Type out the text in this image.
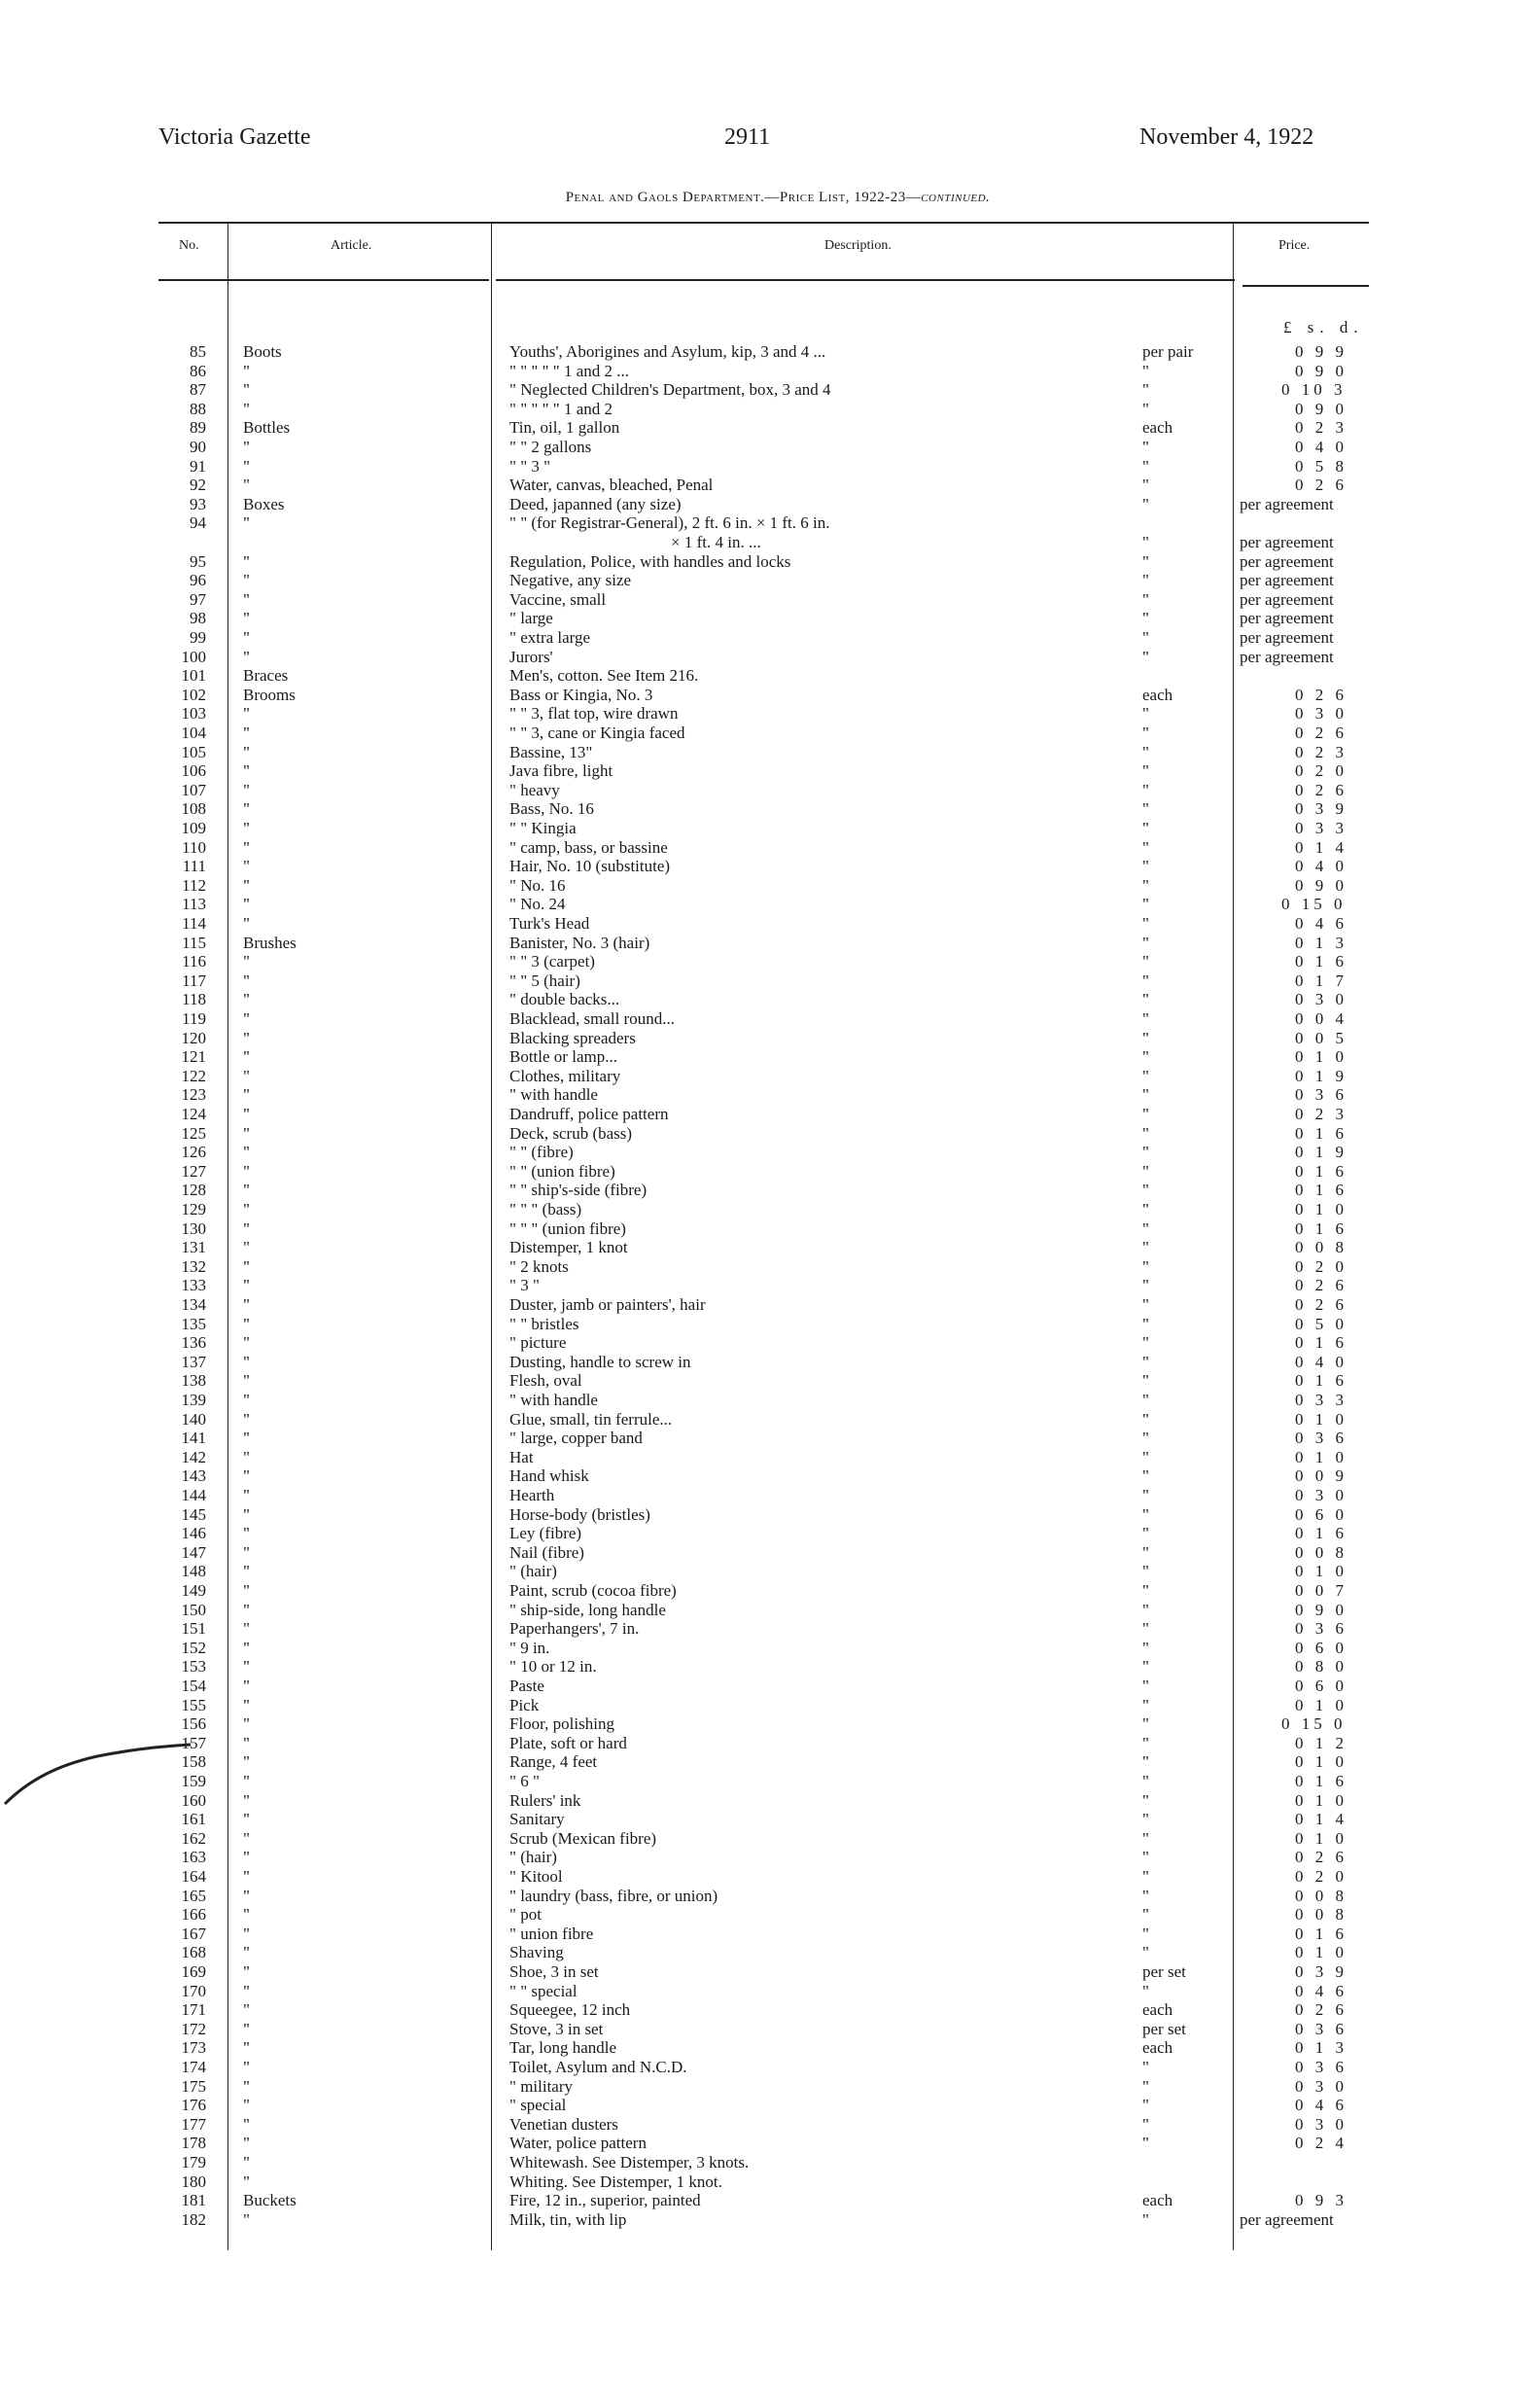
Victoria Gazette	2911	November 4, 1922
Penal and Gaols Department.—Price List, 1922-23—continued.
No.	Article.	Description.	Price.
£ s. d.
85 Boots	Youths', Aborigines and Asylum, kip, 3 and 4 ...	per pair	0 9 9
86 "	" " " " " 1 and 2 ...	"	0 9 0
87 "	" Neglected Children's Department, box, 3 and 4	"	0 10 3
88 "	" " " " " 1 and 2	"	0 9 0
89 Bottles	Tin, oil, 1 gallon	each	0 2 3
90 "	" " 2 gallons	"	0 4 0
91 "	" " 3 "	"	0 5 8
92 "	Water, canvas, bleached, Penal	"	0 2 6
93 Boxes	Deed, japanned (any size)	"	per agreement
94 "	" " (for Registrar-General), 2 ft. 6 in. × 1 ft. 6 in.
× 1 ft. 4 in. ...	"	per agreement
95 "	Regulation, Police, with handles and locks	"	per agreement
96 "	Negative, any size	"	per agreement
97 "	Vaccine, small	"	per agreement
98 "	" large	"	per agreement
99 "	" extra large	"	per agreement
100 "	Jurors'	"	per agreement
101 Braces	Men's, cotton. See Item 216.
102 Brooms	Bass or Kingia, No. 3	each	0 2 6
103 "	" " 3, flat top, wire drawn	"	0 3 0
104 "	" " 3, cane or Kingia faced	"	0 2 6
105 "	Bassine, 13"	"	0 2 3
106 "	Java fibre, light	"	0 2 0
107 "	" heavy	"	0 2 6
108 "	Bass, No. 16	"	0 3 9
109 "	" " Kingia	"	0 3 3
110 "	" camp, bass, or bassine	"	0 1 4
111 "	Hair, No. 10 (substitute)	"	0 4 0
112 "	" No. 16	"	0 9 0
113 "	" No. 24	"	0 15 0
114 "	Turk's Head	"	0 4 6
115 Brushes	Banister, No. 3 (hair)	"	0 1 3
116 "	" " 3 (carpet)	"	0 1 6
117 "	" " 5 (hair)	"	0 1 7
118 "	" double backs...	"	0 3 0
119 "	Blacklead, small round...	"	0 0 4
120 "	Blacking spreaders	"	0 0 5
121 "	Bottle or lamp...	"	0 1 0
122 "	Clothes, military	"	0 1 9
123 "	" with handle	"	0 3 6
124 "	Dandruff, police pattern	"	0 2 3
125 "	Deck, scrub (bass)	"	0 1 6
126 "	" " (fibre)	"	0 1 9
127 "	" " (union fibre)	"	0 1 6
128 "	" " ship's-side (fibre)	"	0 1 6
129 "	" " " (bass)	"	0 1 0
130 "	" " " (union fibre)	"	0 1 6
131 "	Distemper, 1 knot	"	0 0 8
132 "	" 2 knots	"	0 2 0
133 "	" 3 "	"	0 2 6
134 "	Duster, jamb or painters', hair	"	0 2 6
135 "	" " bristles	"	0 5 0
136 "	" picture	"	0 1 6
137 "	Dusting, handle to screw in	"	0 4 0
138 "	Flesh, oval	"	0 1 6
139 "	" with handle	"	0 3 3
140 "	Glue, small, tin ferrule...	"	0 1 0
141 "	" large, copper band	"	0 3 6
142 "	Hat	"	0 1 0
143 "	Hand whisk	"	0 0 9
144 "	Hearth	"	0 3 0
145 "	Horse-body (bristles)	"	0 6 0
146 "	Ley (fibre)	"	0 1 6
147 "	Nail (fibre)	"	0 0 8
148 "	" (hair)	"	0 1 0
149 "	Paint, scrub (cocoa fibre)	"	0 0 7
150 "	" ship-side, long handle	"	0 9 0
151 "	Paperhangers', 7 in.	"	0 3 6
152 "	" 9 in.	"	0 6 0
153 "	" 10 or 12 in.	"	0 8 0
154 "	Paste	"	0 6 0
155 "	Pick	"	0 1 0
156 "	Floor, polishing	"	0 15 0
157 "	Plate, soft or hard	"	0 1 2
158 "	Range, 4 feet	"	0 1 0
159 "	" 6 "	"	0 1 6
160 "	Rulers' ink	"	0 1 0
161 "	Sanitary	"	0 1 4
162 "	Scrub (Mexican fibre)	"	0 1 0
163 "	" (hair)	"	0 2 6
164 "	" Kitool	"	0 2 0
165 "	" laundry (bass, fibre, or union)	"	0 0 8
166 "	" pot	"	0 0 8
167 "	" union fibre	"	0 1 6
168 "	Shaving	"	0 1 0
169 "	Shoe, 3 in set	per set	0 3 9
170 "	" " special	"	0 4 6
171 "	Squeegee, 12 inch	each	0 2 6
172 "	Stove, 3 in set	per set	0 3 6
173 "	Tar, long handle	each	0 1 3
174 "	Toilet, Asylum and N.C.D.	"	0 3 6
175 "	" military	"	0 3 0
176 "	" special	"	0 4 6
177 "	Venetian dusters	"	0 3 0
178 "	Water, police pattern	"	0 2 4
179 "	Whitewash. See Distemper, 3 knots.
180 "	Whiting. See Distemper, 1 knot.
181 Buckets	Fire, 12 in., superior, painted	each	0 9 3
182 "	Milk, tin, with lip	"	per agreement
